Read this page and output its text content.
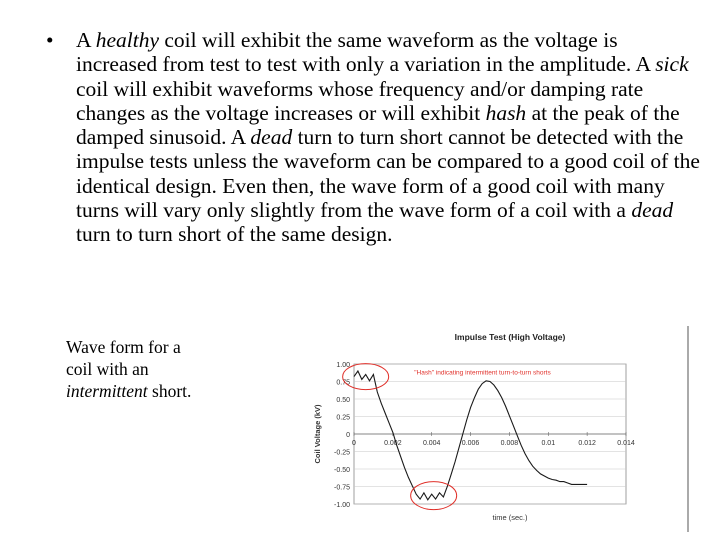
•	A healthy coil will exhibit the same waveform as the voltage is increased from test to test with only a variation in the amplitude. A sick coil will exhibit waveforms whose frequency and/or damping rate changes as the voltage increases or will exhibit hash at the peak of the damped sinusoid. A dead turn to turn short cannot be detected with the impulse tests unless the waveform can be compared to a good coil of the identical design. Even then, the wave form of a good coil with many turns will vary only slightly from the wave form of a coil with a dead turn to turn short of the same design.
Wave form for a
coil with an
intermittent short.
Impulse Test (High Voltage)
1.00
0.75
0.50
0.25
0
-0.25
-0.50
-0.75
-1.00
0	0.002	0.004	0.006	0.008	0.01	0.012	0.014
Coil Voltage (kV)
time (sec.)
"Hash" indicating intermittent turn-to-turn shorts
